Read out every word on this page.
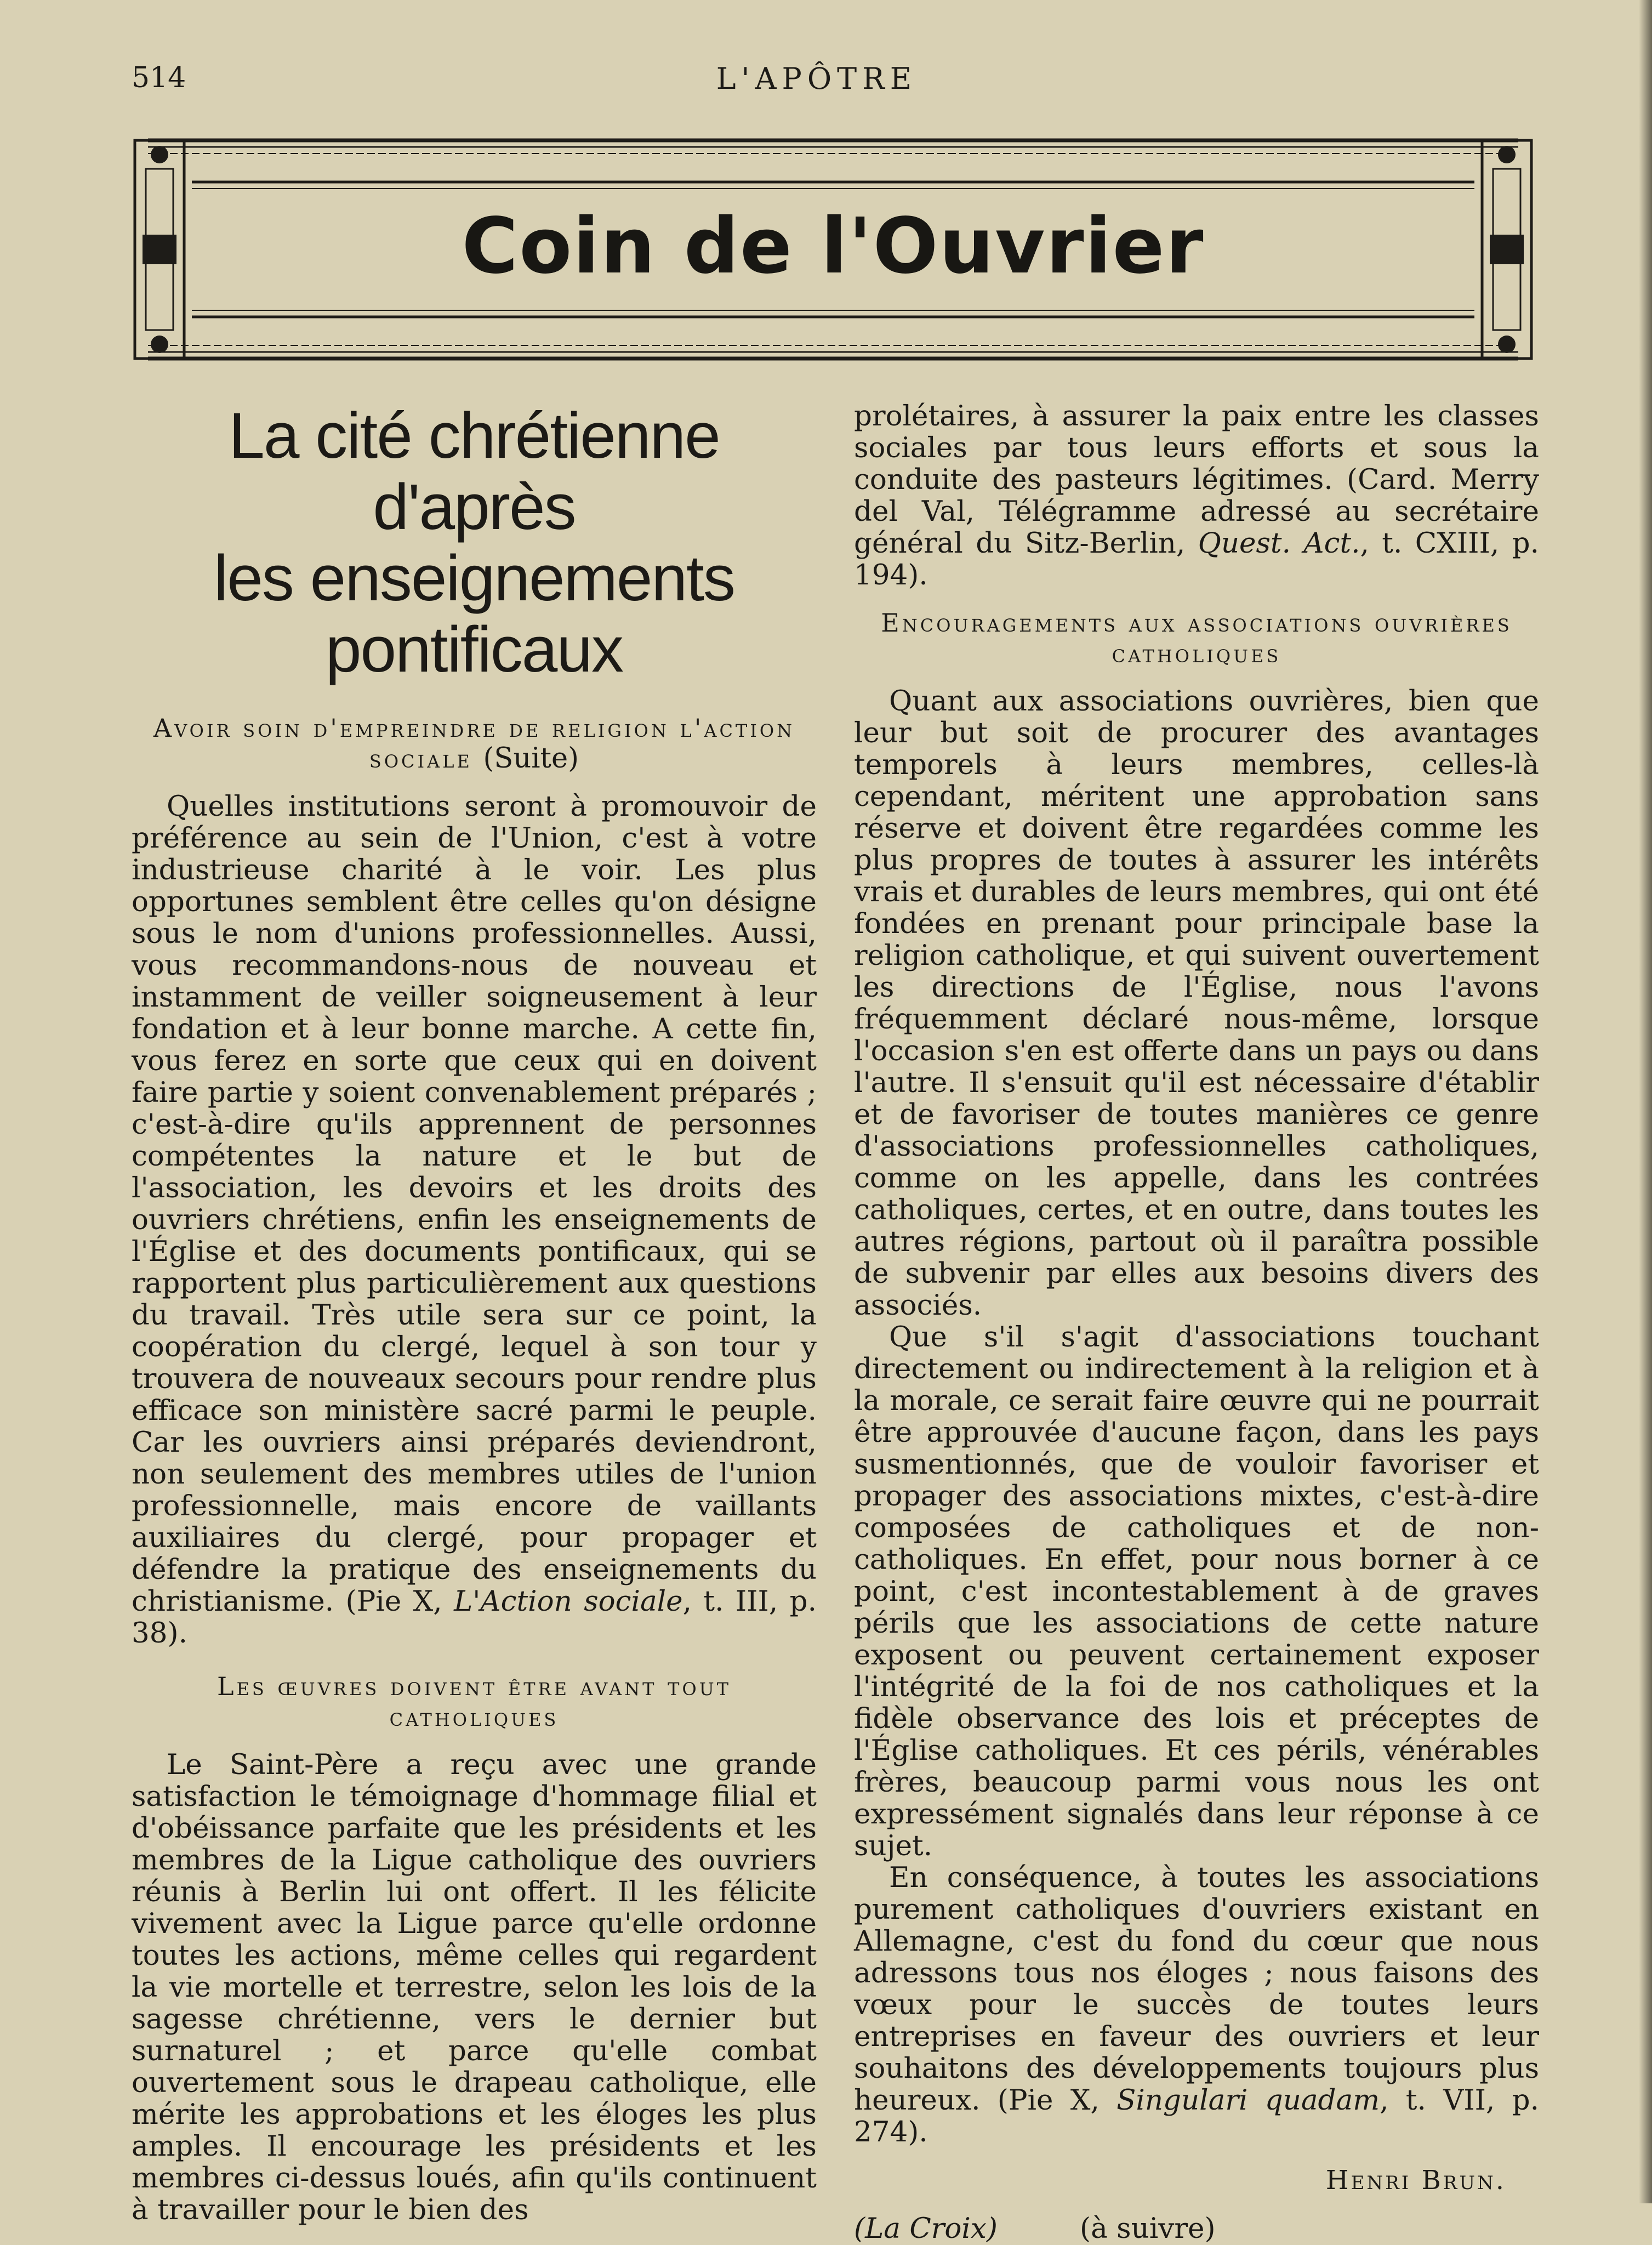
514	L'APÔTRE
Coin de l'Ouvrier
La cité chrétienne d'après
les enseignements
pontificaux
Avoir soin d'empreindre de religion l'action sociale (Suite)

Quelles institutions seront à promouvoir de préférence au sein de l'Union, c'est à votre industrieuse charité à le voir. Les plus opportunes semblent être celles qu'on désigne sous le nom d'unions professionnelles. Aussi, vous recommandons-nous de nouveau et instamment de veiller soigneusement à leur fondation et à leur bonne marche. A cette fin, vous ferez en sorte que ceux qui en doivent faire partie y soient convenablement préparés ; c'est-à-dire qu'ils apprennent de personnes compétentes la nature et le but de l'association, les devoirs et les droits des ouvriers chrétiens, enfin les enseignements de l'Église et des documents pontificaux, qui se rapportent plus particulièrement aux questions du travail. Très utile sera sur ce point, la coopération du clergé, lequel à son tour y trouvera de nouveaux secours pour rendre plus efficace son ministère sacré parmi le peuple. Car les ouvriers ainsi préparés deviendront, non seulement des membres utiles de l'union professionnelle, mais encore de vaillants auxiliaires du clergé, pour propager et défendre la pratique des enseignements du christianisme. (Pie X, L'Action sociale, t. III, p. 38).

Les œuvres doivent être avant tout catholiques

Le Saint-Père a reçu avec une grande satisfaction le témoignage d'hommage filial et d'obéissance parfaite que les présidents et les membres de la Ligue catholique des ouvriers réunis à Berlin lui ont offert. Il les félicite vivement avec la Ligue parce qu'elle ordonne toutes les actions, même celles qui regardent la vie mortelle et terrestre, selon les lois de la sagesse chrétienne, vers le dernier but surnaturel ; et parce qu'elle combat ouvertement sous le drapeau catholique, elle mérite les approbations et les éloges les plus amples. Il encourage les présidents et les membres ci-dessus loués, afin qu'ils continuent à travailler pour le bien des

prolétaires, à assurer la paix entre les classes sociales par tous leurs efforts et sous la conduite des pasteurs légitimes. (Card. Merry del Val, Télégramme adressé au secrétaire général du Sitz-Berlin, Quest. Act., t. CXIII, p. 194).

Encouragements aux associations ouvrières catholiques

Quant aux associations ouvrières, bien que leur but soit de procurer des avantages temporels à leurs membres, celles-là cependant, méritent une approbation sans réserve et doivent être regardées comme les plus propres de toutes à assurer les intérêts vrais et durables de leurs membres, qui ont été fondées en prenant pour principale base la religion catholique, et qui suivent ouvertement les directions de l'Église, nous l'avons fréquemment déclaré nous-même, lorsque l'occasion s'en est offerte dans un pays ou dans l'autre. Il s'ensuit qu'il est nécessaire d'établir et de favoriser de toutes manières ce genre d'associations professionnelles catholiques, comme on les appelle, dans les contrées catholiques, certes, et en outre, dans toutes les autres régions, partout où il paraîtra possible de subvenir par elles aux besoins divers des associés.

Que s'il s'agit d'associations touchant directement ou indirectement à la religion et à la morale, ce serait faire œuvre qui ne pourrait être approuvée d'aucune façon, dans les pays susmentionnés, que de vouloir favoriser et propager des associations mixtes, c'est-à-dire composées de catholiques et de non-catholiques. En effet, pour nous borner à ce point, c'est incontestablement à de graves périls que les associations de cette nature exposent ou peuvent certainement exposer l'intégrité de la foi de nos catholiques et la fidèle observance des lois et préceptes de l'Église catholiques. Et ces périls, vénérables frères, beaucoup parmi vous nous les ont expressément signalés dans leur réponse à ce sujet.

En conséquence, à toutes les associations purement catholiques d'ouvriers existant en Allemagne, c'est du fond du cœur que nous adressons tous nos éloges ; nous faisons des vœux pour le succès de toutes leurs entreprises en faveur des ouvriers et leur souhaitons des développements toujours plus heureux. (Pie X, Singulari quadam, t. VII, p. 274).

Henri Brun.

(La Croix)	(à suivre)
